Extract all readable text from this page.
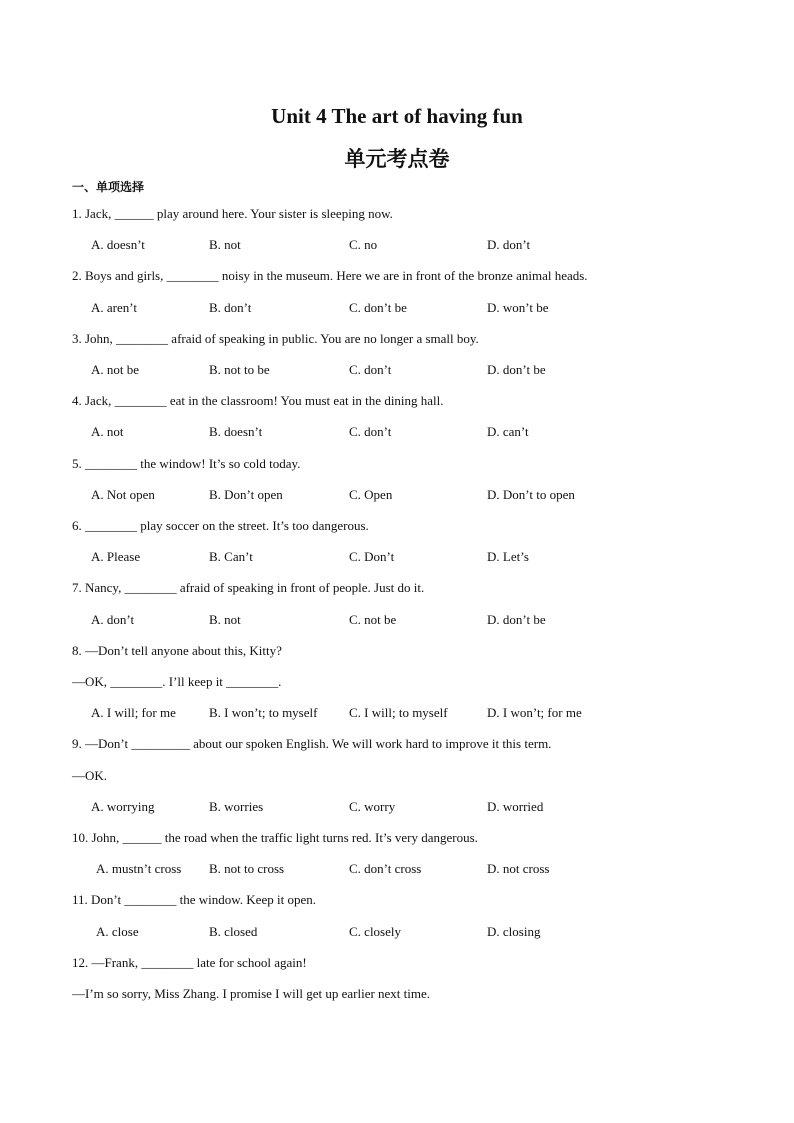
Unit 4 The art of having fun
单元考点卷
一、单项选择
1. Jack, ______ play around here. Your sister is sleeping now.
A. doesn’t	B. not	C. no	D. don’t
2. Boys and girls, ________ noisy in the museum. Here we are in front of the bronze animal heads.
A. aren’t	B. don’t	C. don’t be	D. won’t be
3. John, ________ afraid of speaking in public. You are no longer a small boy.
A. not be	B. not to be	C. don’t	D. don’t be
4. Jack, ________ eat in the classroom! You must eat in the dining hall.
A. not	B. doesn’t	C. don’t	D. can’t
5. ________ the window! It’s so cold today.
A. Not open	B. Don’t open	C. Open	D. Don’t to open
6. ________ play soccer on the street. It’s too dangerous.
A. Please	B. Can’t	C. Don’t	D. Let’s
7. Nancy, ________ afraid of speaking in front of people. Just do it.
A. don’t	B. not	C. not be	D. don’t be
8. —Don’t tell anyone about this, Kitty?
—OK, ________. I’ll keep it ________.
A. I will; for me	B. I won’t; to myself C. I will; to myself	D. I won’t; for me
9. —Don’t _________ about our spoken English. We will work hard to improve it this term.
—OK.
A. worrying	B. worries	C. worry	D. worried
10. John, ______ the road when the traffic light turns red. It’s very dangerous.
A. mustn’t cross B. not to cross	C. don’t cross	D. not cross
11. Don’t ________ the window. Keep it open.
A. close	B. closed	C. closely	D. closing
12. —Frank, ________ late for school again!
—I’m so sorry, Miss Zhang. I promise I will get up earlier next time.
